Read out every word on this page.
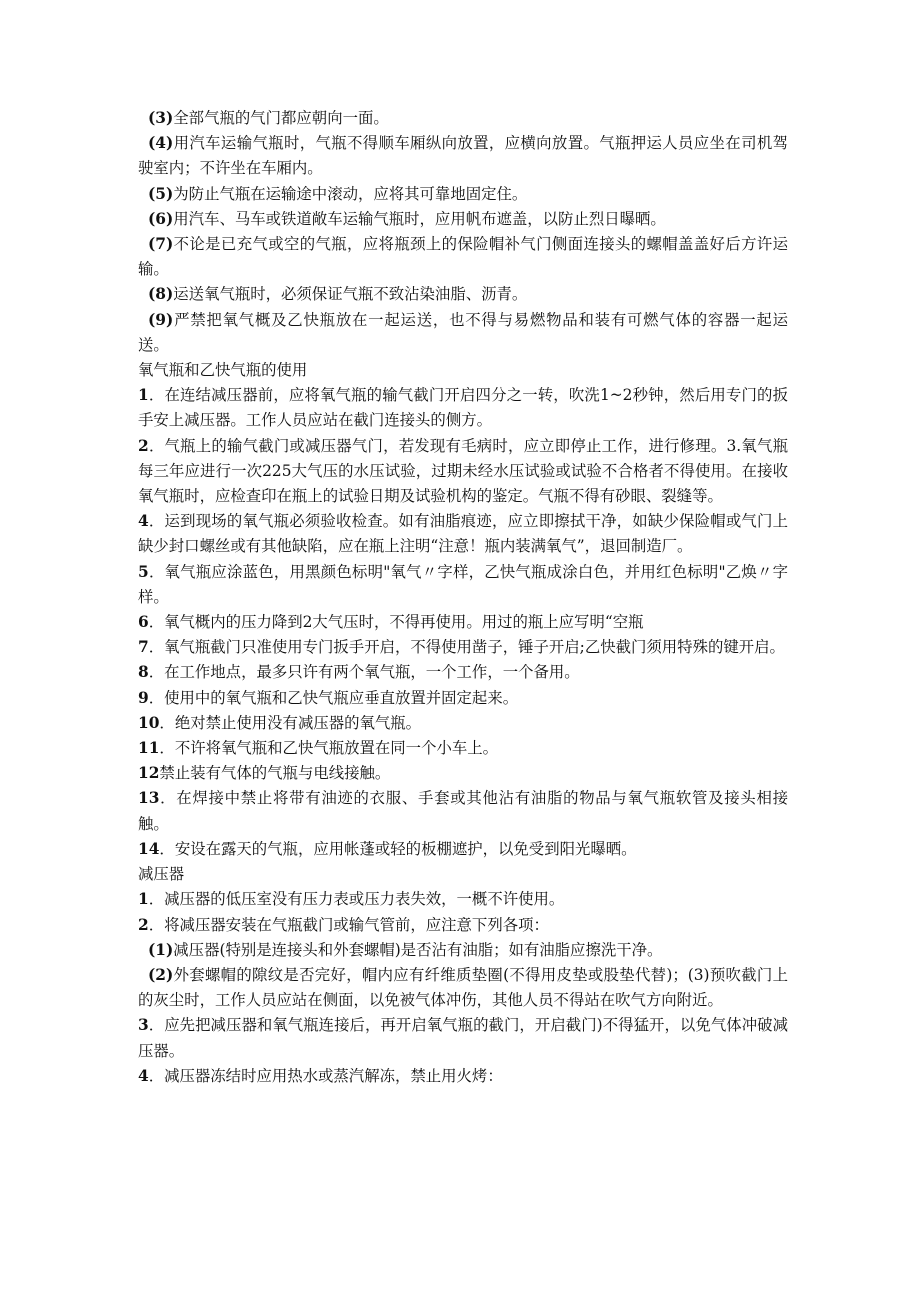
(3)全部气瓶的气门都应朝向一面。

(4)用汽车运输气瓶时，气瓶不得顺车厢纵向放置，应横向放置。气瓶押运人员应坐在司机驾驶室内；不许坐在车厢内。

(5)为防止气瓶在运输途中滚动，应将其可靠地固定住。

(6)用汽车、马车或铁道敞车运输气瓶时，应用帆布遮盖，以防止烈日曝晒。

(7)不论是已充气或空的气瓶，应将瓶颈上的保险帽补气门侧面连接头的螺帽盖盖好后方许运输。

(8)运送氧气瓶时，必须保证气瓶不致沾染油脂、沥青。

(9)严禁把氧气概及乙快瓶放在一起运送，也不得与易燃物品和装有可燃气体的容器一起运送。

氧气瓶和乙快气瓶的使用

1．在连结减压器前，应将氧气瓶的输气截门开启四分之一转，吹洗1~2秒钟，然后用专门的扳手安上减压器。工作人员应站在截门连接头的侧方。

2．气瓶上的输气截门或减压器气门，若发现有毛病时，应立即停止工作，进行修理。3.氧气瓶每三年应进行一次225大气压的水压试验，过期未经水压试验或试验不合格者不得使用。在接收氧气瓶时，应检查印在瓶上的试验日期及试验机构的鉴定。气瓶不得有砂眼、裂缝等。

4．运到现场的氧气瓶必须验收检查。如有油脂痕迹，应立即擦拭干净，如缺少保险帽或气门上缺少封口螺丝或有其他缺陷，应在瓶上注明“注意！瓶内装满氧气”，退回制造厂。

5．氧气瓶应涂蓝色，用黑颜色标明"氧气〃字样，乙快气瓶成涂白色，并用红色标明"乙焕〃字样。

6．氧气概内的压力降到2大气压时，不得再使用。用过的瓶上应写明“空瓶

7．氧气瓶截门只准使用专门扳手开启，不得使用凿子，锤子开启;乙快截门须用特殊的键开启。

8．在工作地点，最多只许有两个氧气瓶，一个工作，一个备用。

9．使用中的氧气瓶和乙快气瓶应垂直放置并固定起来。

10．绝对禁止使用没有减压器的氧气瓶。

11．不许将氧气瓶和乙快气瓶放置在同一个小车上。

12禁止装有气体的气瓶与电线接触。

13．在焊接中禁止将带有油迹的衣服、手套或其他沾有油脂的物品与氧气瓶软管及接头相接触。

14．安设在露天的气瓶，应用帐蓬或轻的板棚遮护，以免受到阳光曝晒。

减压器

1．减压器的低压室没有压力表或压力表失效，一概不许使用。

2．将减压器安装在气瓶截门或输气管前，应注意下列各项：

(1)减压器(特别是连接头和外套螺帽)是否沾有油脂；如有油脂应擦洗干净。

(2)外套螺帽的隙纹是否完好，帽内应有纤维质垫圈(不得用皮垫或股垫代替)；(3)预吹截门上的灰尘时，工作人员应站在侧面，以免被气体冲伤，其他人员不得站在吹气方向附近。

3．应先把减压器和氧气瓶连接后，再开启氧气瓶的截门，开启截门)不得猛开，以免气体冲破减压器。

4．减压器冻结时应用热水或蒸汽解冻，禁止用火烤：
